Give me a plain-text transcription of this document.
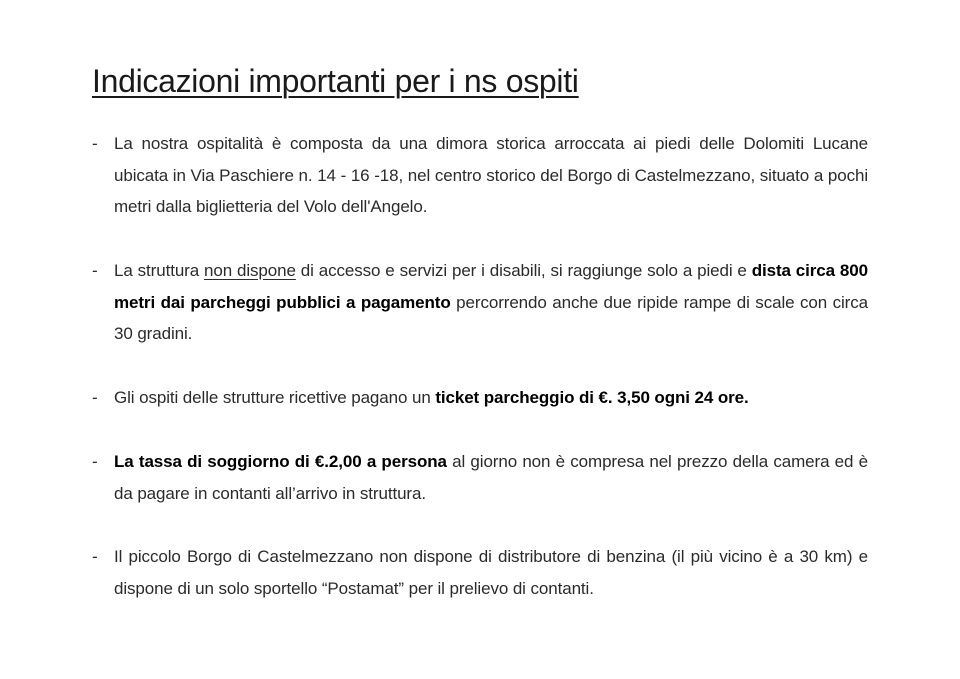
Indicazioni importanti per i ns ospiti
- La nostra ospitalità è composta da una dimora storica arroccata ai piedi delle Dolomiti Lucane ubicata in Via Paschiere n. 14 - 16 -18, nel centro storico del Borgo di Castelmezzano, situato a pochi metri dalla biglietteria del Volo dell'Angelo.
- La struttura non dispone di accesso e servizi per i disabili, si raggiunge solo a piedi e dista circa 800 metri dai parcheggi pubblici a pagamento percorrendo anche due ripide rampe di scale con circa 30 gradini.
- Gli ospiti delle strutture ricettive pagano un ticket parcheggio di €. 3,50 ogni 24 ore.
- La tassa di soggiorno di €.2,00 a persona al giorno non è compresa nel prezzo della camera ed è da pagare in contanti all’arrivo in struttura.
- Il piccolo Borgo di Castelmezzano non dispone di distributore di benzina (il più vicino è a 30 km) e dispone di un solo sportello “Postamat” per il prelievo di contanti.
